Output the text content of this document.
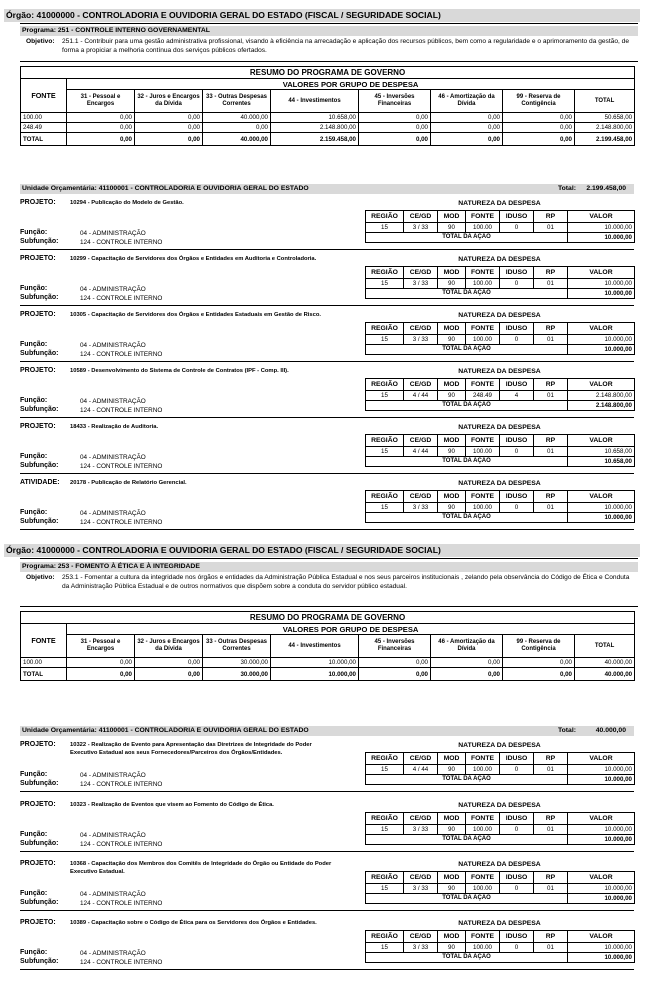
Órgão: 41000000 - CONTROLADORIA E OUVIDORIA GERAL DO ESTADO (FISCAL / SEGURIDADE SOCIAL)
Programa: 251 - CONTROLE INTERNO GOVERNAMENTAL
Objetivo: 251.1 - Contribuir para uma gestão administrativa profissional, visando à eficiência na arrecadação e aplicação dos recursos públicos, bem como a regularidade e o aprimoramento da gestão, de forma a propiciar a melhoria contínua dos serviços públicos ofertados.
RESUMO DO PROGRAMA DE GOVERNO								
FONTE	VALORES POR GRUPO DE DESPESA							
	31 - Pessoal e Encargos	32 - Juros e Encargos da Dívida	33 - Outras Despesas Correntes	44 - Investimentos	45 - Inversões Financeiras	46 - Amortização da Dívida	99 - Reserva de Contigência	TOTAL
100.00	0,00	0,00	40.000,00	10.658,00	0,00	0,00	0,00	50.658,00
248.49	0,00	0,00	0,00	2.148.800,00	0,00	0,00	0,00	2.148.800,00
TOTAL	0,00	0,00	40.000,00	2.159.458,00	0,00	0,00	0,00	2.199.458,00
Unidade Orçamentária: 41100001 - CONTROLADORIA E OUVIDORIA GERAL DO ESTADO	Total: 2.199.458,00
PROJETO: 10294 - Publicação do Modelo de Gestão.	NATUREZA DA DESPESA
REGIÃO	CE/GD	MOD	FONTE	IDUSO	RP	VALOR
15	3 / 33	90	100.00	0	01	10.000,00
TOTAL DA AÇÃO						10.000,00
Função:	04 - ADMINISTRAÇÃO
Subfunção:	124 - CONTROLE INTERNO
PROJETO: 10299 - Capacitação de Servidores dos Órgãos e Entidades em Auditoria e Controladoria.	NATUREZA DA DESPESA
REGIÃO	CE/GD	MOD	FONTE	IDUSO	RP	VALOR
15	3 / 33	90	100.00	0	01	10.000,00
TOTAL DA AÇÃO						10.000,00
Função:	04 - ADMINISTRAÇÃO
Subfunção:	124 - CONTROLE INTERNO
PROJETO: 10305 - Capacitação de Servidores dos Órgãos e Entidades Estaduais em Gestão de Risco.	NATUREZA DA DESPESA
REGIÃO	CE/GD	MOD	FONTE	IDUSO	RP	VALOR
15	3 / 33	90	100.00	0	01	10.000,00
TOTAL DA AÇÃO						10.000,00
Função:	04 - ADMINISTRAÇÃO
Subfunção:	124 - CONTROLE INTERNO
PROJETO: 10589 - Desenvolvimento do Sistema de Controle de Contratos (IPF - Comp. III).	NATUREZA DA DESPESA
REGIÃO	CE/GD	MOD	FONTE	IDUSO	RP	VALOR
15	4 / 44	90	248.49	4	01	2.148.800,00
TOTAL DA AÇÃO						2.148.800,00
Função:	04 - ADMINISTRAÇÃO
Subfunção:	124 - CONTROLE INTERNO
PROJETO: 18433 - Realização de Auditoria.	NATUREZA DA DESPESA
REGIÃO	CE/GD	MOD	FONTE	IDUSO	RP	VALOR
15	4 / 44	90	100.00	0	01	10.658,00
TOTAL DA AÇÃO						10.658,00
Função:	04 - ADMINISTRAÇÃO
Subfunção:	124 - CONTROLE INTERNO
ATIVIDADE: 20178 - Publicação de Relatório Gerencial.	NATUREZA DA DESPESA
REGIÃO	CE/GD	MOD	FONTE	IDUSO	RP	VALOR
15	3 / 33	90	100.00	0	01	10.000,00
TOTAL DA AÇÃO						10.000,00
Função:	04 - ADMINISTRAÇÃO
Subfunção:	124 - CONTROLE INTERNO
Órgão: 41000000 - CONTROLADORIA E OUVIDORIA GERAL DO ESTADO (FISCAL / SEGURIDADE SOCIAL)
Programa: 253 - FOMENTO À ÉTICA E À INTEGRIDADE
Objetivo: 253.1 - Fomentar a cultura da integridade nos órgãos e entidades da Administração Pública Estadual e nos seus parceiros institucionais , zelando pela observância do Código de Ética e Conduta da Administração Pública Estadual e de outros normativos que dispõem sobre a conduta do servidor público estadual.
RESUMO DO PROGRAMA DE GOVERNO								
FONTE	VALORES POR GRUPO DE DESPESA							
	31 - Pessoal e Encargos	32 - Juros e Encargos da Dívida	33 - Outras Despesas Correntes	44 - Investimentos	45 - Inversões Financeiras	46 - Amortização da Dívida	99 - Reserva de Contigência	TOTAL
100.00	0,00	0,00	30.000,00	10.000,00	0,00	0,00	0,00	40.000,00
TOTAL	0,00	0,00	30.000,00	10.000,00	0,00	0,00	0,00	40.000,00
Unidade Orçamentária: 41100001 - CONTROLADORIA E OUVIDORIA GERAL DO ESTADO	Total:	40.000,00
PROJETO: 10322 - Realização de Evento para Apresentação das Diretrizes de Integridade do Poder Executivo Estadual aos seus Fornecedores/Parceiros dos Órgãos/Entidades.
NATUREZA DA DESPESA
REGIÃO	CE/GD	MOD	FONTE	IDUSO	RP	VALOR
15	4 / 44	90	100.00	0	01	10.000,00
TOTAL DA AÇÃO						10.000,00
Função:	04 - ADMINISTRAÇÃO
Subfunção:	124 - CONTROLE INTERNO
PROJETO: 10323 - Realização de Eventos que visem ao Fomento do Código de Ética.	NATUREZA DA DESPESA
REGIÃO	CE/GD	MOD	FONTE	IDUSO	RP	VALOR
15	3 / 33	90	100.00	0	01	10.000,00
TOTAL DA AÇÃO						10.000,00
Função:	04 - ADMINISTRAÇÃO
Subfunção:	124 - CONTROLE INTERNO
PROJETO: 10368 - Capacitação dos Membros dos Comitês de Integridade do Órgão ou Entidade do Poder Executivo Estadual.
NATUREZA DA DESPESA
REGIÃO	CE/GD	MOD	FONTE	IDUSO	RP	VALOR
15	3 / 33	90	100.00	0	01	10.000,00
TOTAL DA AÇÃO						10.000,00
Função:	04 - ADMINISTRAÇÃO
Subfunção:	124 - CONTROLE INTERNO
PROJETO: 10389 - Capacitação sobre o Código de Ética para os Servidores dos Órgãos e Entidades.	NATUREZA DA DESPESA
REGIÃO	CE/GD	MOD	FONTE	IDUSO	RP	VALOR
15	3 / 33	90	100.00	0	01	10.000,00
TOTAL DA AÇÃO						10.000,00
Função:	04 - ADMINISTRAÇÃO
Subfunção:	124 - CONTROLE INTERNO
